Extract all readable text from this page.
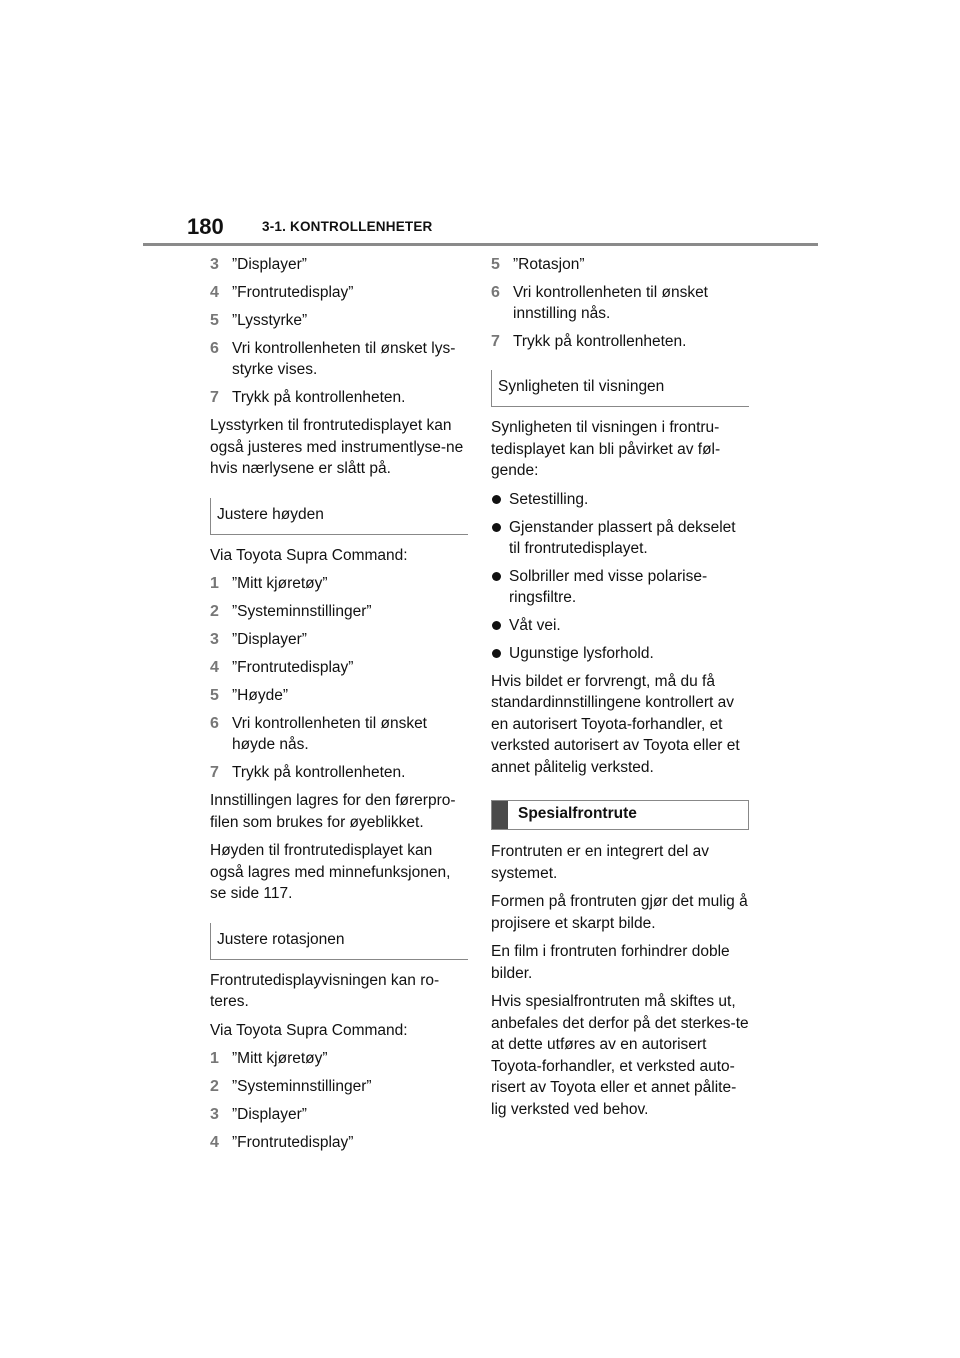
180	3-1. KONTROLLENHETER
3 ”Displayer”
4 ”Frontrutedisplay”
5 ”Lysstyrke”
6 Vri kontrollenheten til ønsket lys-styrke vises.
7 Trykk på kontrollenheten.
Lysstyrken til frontrutedisplayet kan også justeres med instrumentlyse-ne hvis nærlysene er slått på.
Justere høyden
Via Toyota Supra Command:
1 ”Mitt kjøretøy”
2 ”Systeminnstillinger”
3 ”Displayer”
4 ”Frontrutedisplay”
5 ”Høyde”
6 Vri kontrollenheten til ønsket høyde nås.
7 Trykk på kontrollenheten.
Innstillingen lagres for den førerpro-filen som brukes for øyeblikket.
Høyden til frontrutedisplayet kan også lagres med minnefunksjonen, se side 117.
Justere rotasjonen
Frontrutedisplayvisningen kan ro-teres.
Via Toyota Supra Command:
1 ”Mitt kjøretøy”
2 ”Systeminnstillinger”
3 ”Displayer”
4 ”Frontrutedisplay”
5 ”Rotasjon”
6 Vri kontrollenheten til ønsket innstilling nås.
7 Trykk på kontrollenheten.
Synligheten til visningen
Synligheten til visningen i frontru-tedisplayet kan bli påvirket av føl-gende:
Setestilling.
Gjenstander plassert på dekselet til frontrutedisplayet.
Solbriller med visse polarise-ringsfiltre.
Våt vei.
Ugunstige lysforhold.
Hvis bildet er forvrengt, må du få standardinnstillingene kontrollert av en autorisert Toyota-forhandler, et verksted autorisert av Toyota eller et annet pålitelig verksted.
Spesialfrontrute
Frontruten er en integrert del av systemet.
Formen på frontruten gjør det mulig å projisere et skarpt bilde.
En film i frontruten forhindrer doble bilder.
Hvis spesialfrontruten må skiftes ut, anbefales det derfor på det sterkes-te at dette utføres av en autorisert Toyota-forhandler, et verksted auto-risert av Toyota eller et annet pålite-lig verksted ved behov.
